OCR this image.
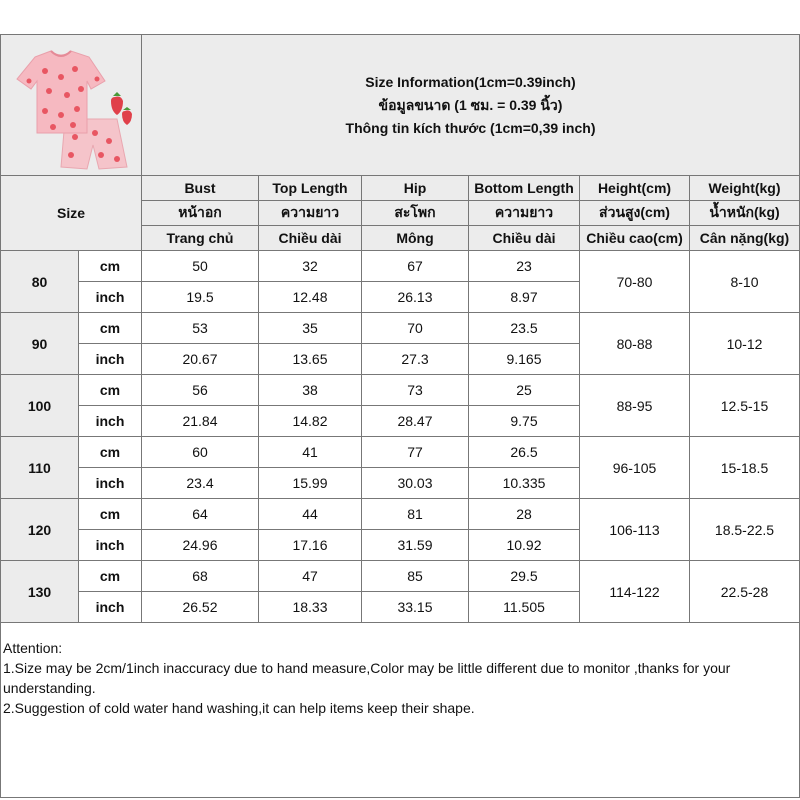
Size Information(1cm=0.39inch)
ข้อมูลขนาด (1 ซม. = 0.39 นิ้ว)
Thông tin kích thước (1cm=0,39 inch)					

Size		Bust	Top Length	Hip	Bottom Length	Height(cm)	Weight(kg)
		หน้าอก	ความยาว	สะโพก	ความยาว	ส่วนสูง(cm)	น้ำหนัก(kg)
		Trang chủ	Chiều dài	Mông	Chiều dài	Chiều cao(cm)	Cân nặng(kg)
80	cm	50	32	67	23	70-80	8-10
	inch	19.5	12.48	26.13	8.97		
90	cm	53	35	70	23.5	80-88	10-12
	inch	20.67	13.65	27.3	9.165		
100	cm	56	38	73	25	88-95	12.5-15
	inch	21.84	14.82	28.47	9.75		
110	cm	60	41	77	26.5	96-105	15-18.5
	inch	23.4	15.99	30.03	10.335		
120	cm	64	44	81	28	106-113	18.5-22.5
	inch	24.96	17.16	31.59	10.92		
130	cm	68	47	85	29.5	114-122	22.5-28
	inch	26.52	18.33	33.15	11.505		
Attention:
1.Size may be 2cm/1inch inaccuracy due to hand measure,Color may be little different due to monitor ,thanks for your understanding.
2.Suggestion of cold water hand washing,it can help items keep their shape.
